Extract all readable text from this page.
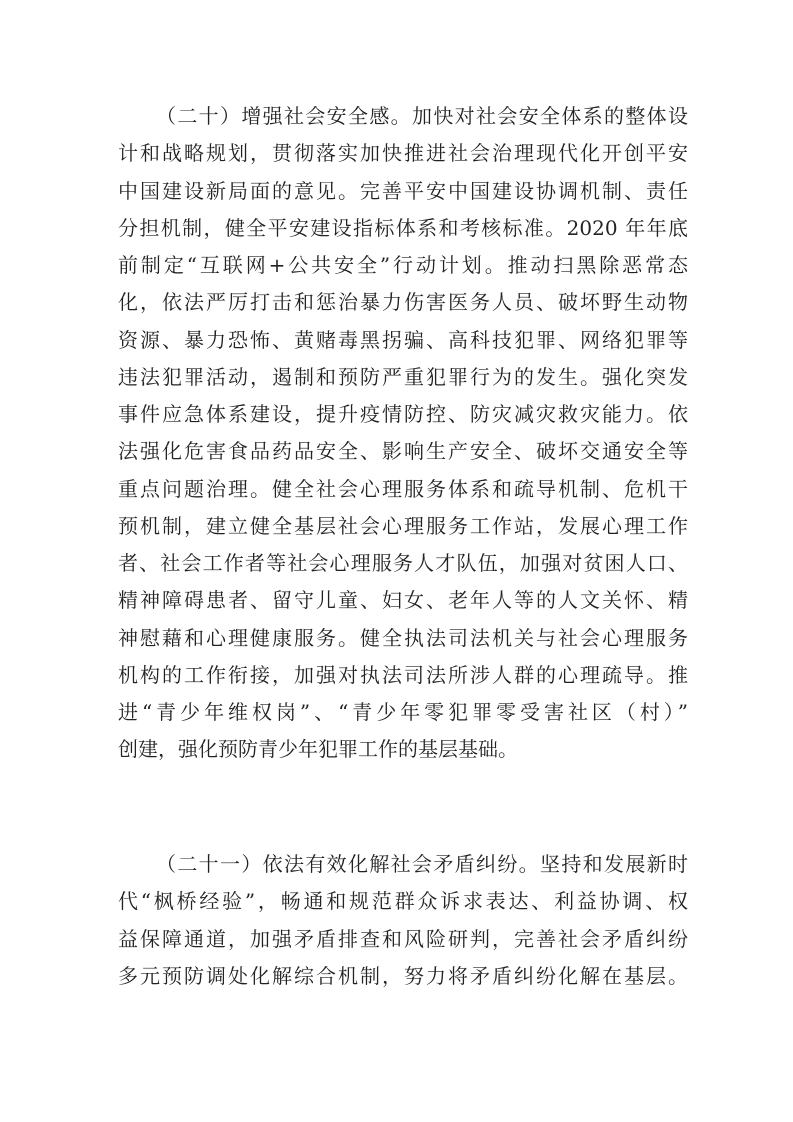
（二十）增强社会安全感。加快对社会安全体系的整体设
计和战略规划，贯彻落实加快推进社会治理现代化开创平安
中国建设新局面的意见。完善平安中国建设协调机制、责任
分担机制，健全平安建设指标体系和考核标准。2020 年年底
前制定“互联网+公共安全”行动计划。推动扫黑除恶常态
化，依法严厉打击和惩治暴力伤害医务人员、破坏野生动物
资源、暴力恐怖、黄赌毒黑拐骗、高科技犯罪、网络犯罪等
违法犯罪活动，遏制和预防严重犯罪行为的发生。强化突发
事件应急体系建设，提升疫情防控、防灾减灾救灾能力。依
法强化危害食品药品安全、影响生产安全、破坏交通安全等
重点问题治理。健全社会心理服务体系和疏导机制、危机干
预机制，建立健全基层社会心理服务工作站，发展心理工作
者、社会工作者等社会心理服务人才队伍，加强对贫困人口、
精神障碍患者、留守儿童、妇女、老年人等的人文关怀、精
神慰藉和心理健康服务。健全执法司法机关与社会心理服务
机构的工作衔接，加强对执法司法所涉人群的心理疏导。推
进“青少年维权岗”、“青少年零犯罪零受害社区（村）”
创建，强化预防青少年犯罪工作的基层基础。
（二十一）依法有效化解社会矛盾纠纷。坚持和发展新时
代“枫桥经验”，畅通和规范群众诉求表达、利益协调、权
益保障通道，加强矛盾排查和风险研判，完善社会矛盾纠纷
多元预防调处化解综合机制，努力将矛盾纠纷化解在基层。
